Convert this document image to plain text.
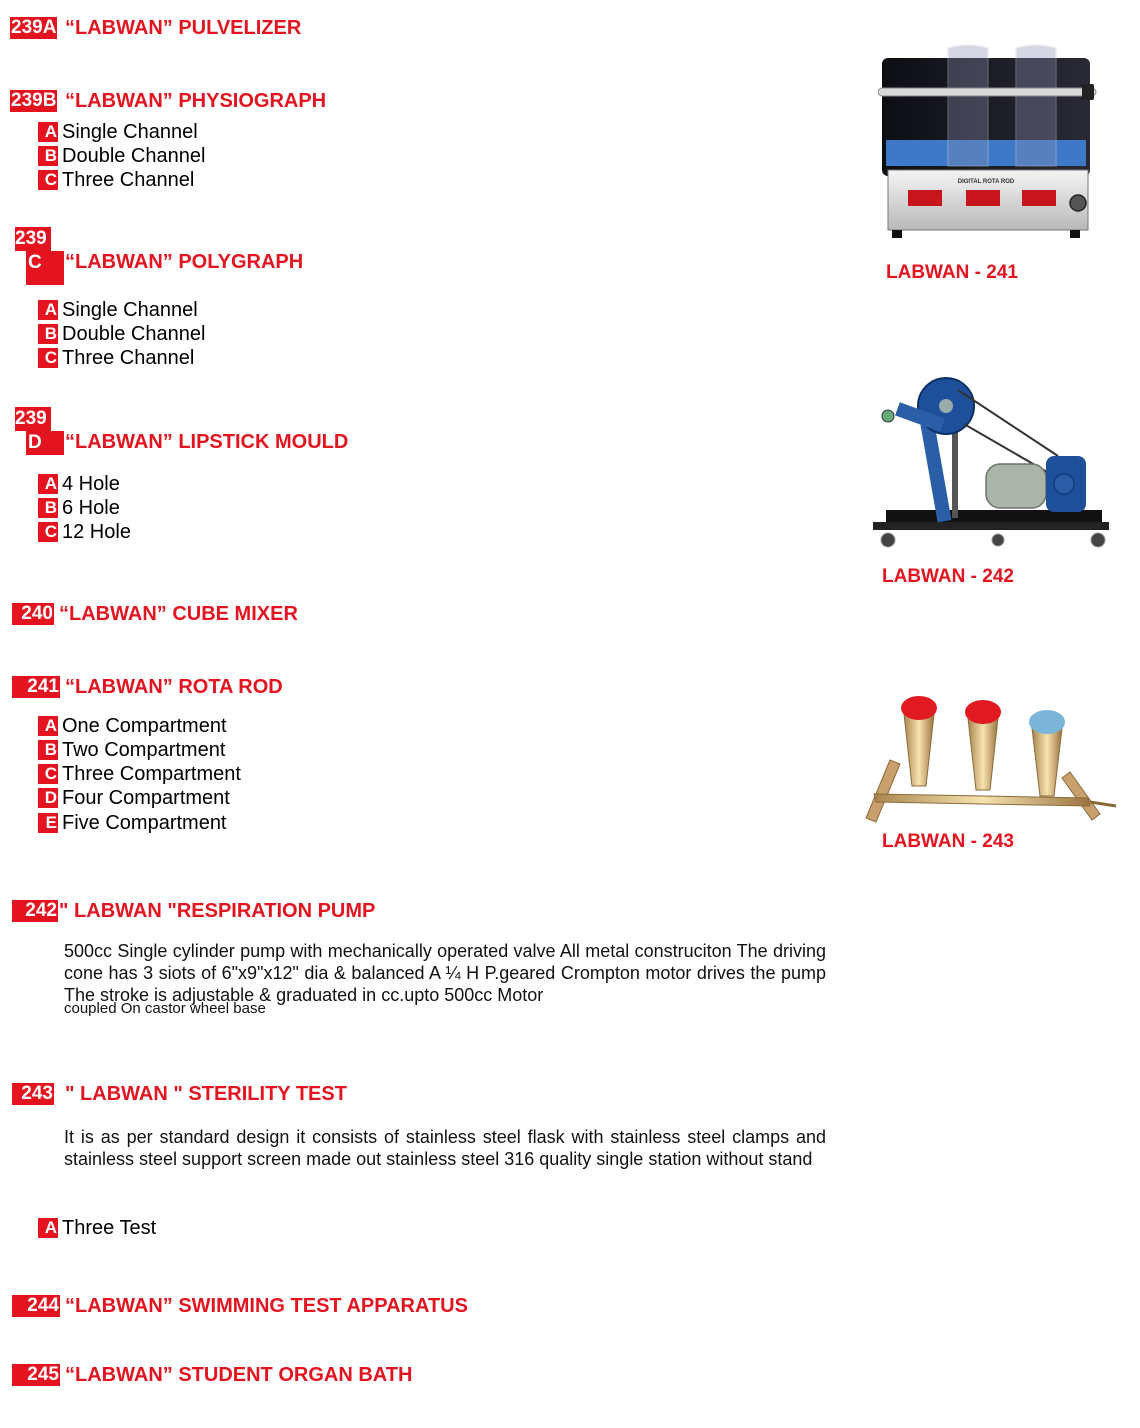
239A “LABWAN” PULVELIZER
239B “LABWAN” PHYSIOGRAPH
A Single Channel
B Double Channel
C Three Channel
239
C	“LABWAN” POLYGRAPH
A Single Channel
B Double Channel
C Three Channel
239
D	“LABWAN” LIPSTICK MOULD
A 4 Hole
B 6 Hole
C 12 Hole
240 “LABWAN” CUBE MIXER
241 “LABWAN” ROTA ROD
A One Compartment
B Two Compartment
C Three Compartment
D Four Compartment
E Five Compartment
242 " LABWAN "RESPIRATION PUMP
500cc Single cylinder pump with mechanically operated valve All metal construciton The driving cone has 3 siots of 6"x9"x12" dia & balanced A ¼ H P.geared Crompton motor drives the pump The stroke is adjustable & graduated in cc.upto 500cc Motor
coupled On castor wheel base
243 " LABWAN " STERILITY TEST
It is as per standard design it consists of stainless steel flask with stainless steel clamps and stainless steel support screen made out stainless steel 316 quality single station without stand
A Three Test
244 “LABWAN” SWIMMING TEST APPARATUS
245 “LABWAN” STUDENT ORGAN BATH
DIGITAL ROTA ROD
LABWAN - 241
LABWAN - 242
LABWAN - 243
